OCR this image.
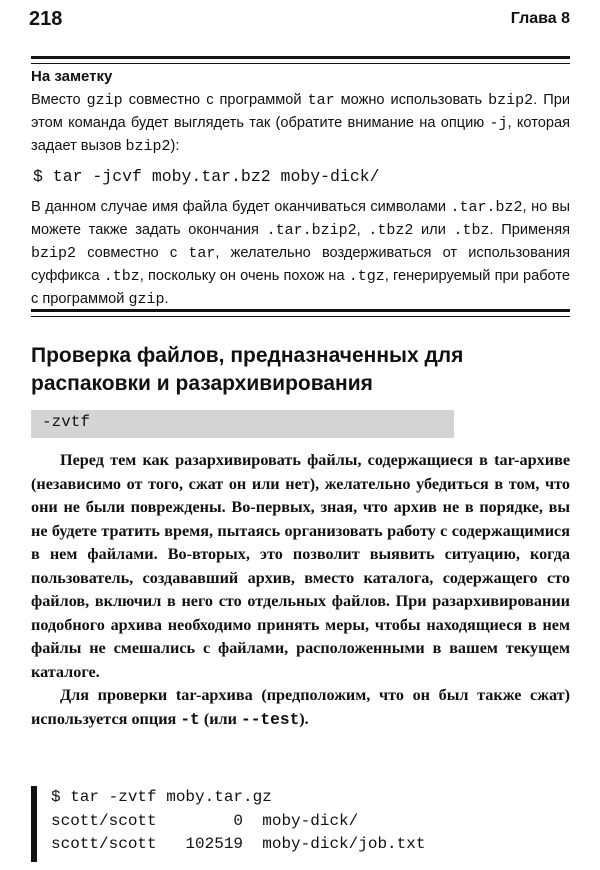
218	Глава 8
На заметку

Вместо gzip совместно с программой tar можно использовать bzip2. При этом команда будет выглядеть так (обратите внимание на опцию -j, которая задает вызов bzip2):

$ tar -jcvf moby.tar.bz2 moby-dick/

В данном случае имя файла будет оканчиваться символами .tar.bz2, но вы можете также задать окончания .tar.bzip2, .tbz2 или .tbz. Применяя bzip2 совместно с tar, желательно воздерживаться от использования суффикса .tbz, поскольку он очень похож на .tgz, генерируемый при работе с программой gzip.

Проверка файлов, предназначенных для
распаковки и разархивирования
-zvtf

Перед тем как разархивировать файлы, содержащиеся в tar-архиве (независимо от того, сжат он или нет), желательно убедиться в том, что они не были повреждены. Во-первых, зная, что архив не в порядке, вы не будете тратить время, пытаясь организовать работу с содержащимися в нем файлами. Во-вторых, это позволит выявить ситуацию, когда пользователь, создававший архив, вместо каталога, содержащего сто файлов, включил в него сто отдельных файлов. При разархивировании подобного архива необходимо принять меры, чтобы находящиеся в нем файлы не смешались с файлами, расположенными в вашем текущем каталоге.

Для проверки tar-архива (предположим, что он был также сжат) используется опция -t (или --test).

$ tar -zvtf moby.tar.gz
scott/scott        0  moby-dick/
scott/scott   102519  moby-dick/job.txt
